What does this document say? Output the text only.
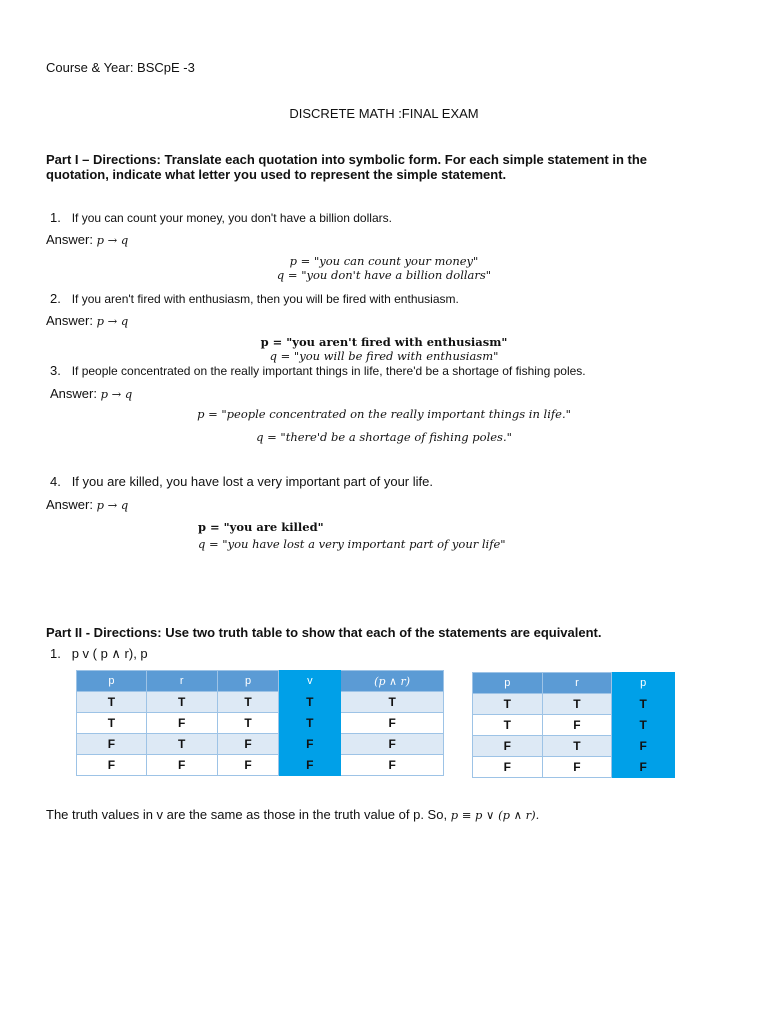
Course & Year: BSCpE -3
DISCRETE MATH :FINAL EXAM
Part I – Directions: Translate each quotation into symbolic form. For each simple statement in the quotation, indicate what letter you used to represent the simple statement.
1. If you can count your money, you don't have a billion dollars.
Answer: p → q
p = "you can count your money"
q = "you don't have a billion dollars"
2. If you aren't fired with enthusiasm, then you will be fired with enthusiasm.
Answer: p → q
p = "you aren't fired with enthusiasm"
q = "you will be fired with enthusiasm"
3. If people concentrated on the really important things in life, there'd be a shortage of fishing poles.
Answer: p → q
p = "people concentrated on the really important things in life."
q = "there'd be a shortage of fishing poles."
4. If you are killed, you have lost a very important part of your life.
Answer: p → q
p = "you are killed"
q = "you have lost a very important part of your life"
Part II - Directions: Use two truth table to show that each of the statements are equivalent.
1. p v ( p ∧ r), p
p	r	p	v	(p ∧ r)
T	T	T	T	T
T	F	T	T	F
F	T	F	F	F
F	F	F	F	F
p	r	p
T	T	T
T	F	T
F	T	F
F	F	F
The truth values in v are the same as those in the truth value of p. So, p ≡ p ∨ (p ∧ r).
